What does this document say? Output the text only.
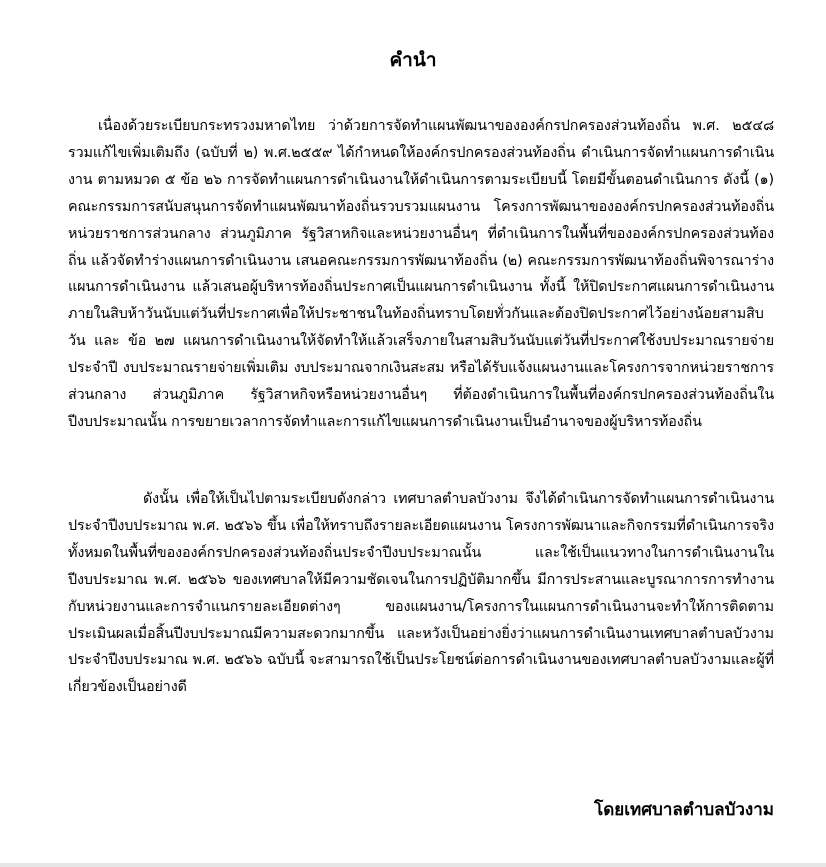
คำนำ
เนื่องด้วยระเบียบกระทรวงมหาดไทย ว่าด้วยการจัดทำแผนพัฒนาขององค์กรปกครองส่วนท้องถิ่น พ.ศ. ๒๕๔๘ รวมแก้ไขเพิ่มเติมถึง (ฉบับที่ ๒) พ.ศ.๒๕๕๙ ได้กำหนดให้องค์กรปกครองส่วนท้องถิ่น ดำเนินการจัดทำแผนการดำเนินงาน ตามหมวด ๕ ข้อ ๒๖ การจัดทำแผนการดำเนินงานให้ดำเนินการตามระเบียบนี้ โดยมีขั้นตอนดำเนินการ ดังนี้ (๑) คณะกรรมการสนับสนุนการจัดทำแผนพัฒนาท้องถิ่นรวบรวมแผนงาน โครงการพัฒนาขององค์กรปกครองส่วนท้องถิ่น หน่วยราชการส่วนกลาง ส่วนภูมิภาค รัฐวิสาหกิจและหน่วยงานอื่นๆ ที่ดำเนินการในพื้นที่ขององค์กรปกครองส่วนท้องถิ่น แล้วจัดทำร่างแผนการดำเนินงาน เสนอคณะกรรมการพัฒนาท้องถิ่น (๒) คณะกรรมการพัฒนาท้องถิ่นพิจารณาร่างแผนการดำเนินงาน แล้วเสนอผู้บริหารท้องถิ่นประกาศเป็นแผนการดำเนินงาน ทั้งนี้ ให้ปิดประกาศแผนการดำเนินงานภายในสิบห้าวันนับแต่วันที่ประกาศเพื่อให้ประชาชนในท้องถิ่นทราบโดยทั่วกันและต้องปิดประกาศไว้อย่างน้อยสามสิบวัน และ ข้อ ๒๗ แผนการดำเนินงานให้จัดทำให้แล้วเสร็จภายในสามสิบวันนับแต่วันที่ประกาศใช้งบประมาณรายจ่ายประจำปี งบประมาณรายจ่ายเพิ่มเติม งบประมาณจากเงินสะสม หรือได้รับแจ้งแผนงานและโครงการจากหน่วยราชการส่วนกลาง ส่วนภูมิภาค รัฐวิสาหกิจหรือหน่วยงานอื่นๆ ที่ต้องดำเนินการในพื้นที่องค์กรปกครองส่วนท้องถิ่นในปีงบประมาณนั้น การขยายเวลาการจัดทำและการแก้ไขแผนการดำเนินงานเป็นอำนาจของผู้บริหารท้องถิ่น
ดังนั้น เพื่อให้เป็นไปตามระเบียบดังกล่าว เทศบาลตำบลบัวงาม จึงได้ดำเนินการจัดทำแผนการดำเนินงาน ประจำปีงบประมาณ พ.ศ. ๒๕๖๖ ขึ้น เพื่อให้ทราบถึงรายละเอียดแผนงาน โครงการพัฒนาและกิจกรรมที่ดำเนินการจริงทั้งหมดในพื้นที่ขององค์กรปกครองส่วนท้องถิ่นประจำปีงบประมาณนั้น และใช้เป็นแนวทางในการดำเนินงานในปีงบประมาณ พ.ศ. ๒๕๖๖ ของเทศบาลให้มีความชัดเจนในการปฏิบัติมากขึ้น มีการประสานและบูรณาการการทำงานกับหน่วยงานและการจำแนกรายละเอียดต่างๆ ของแผนงาน/โครงการในแผนการดำเนินงานจะทำให้การติดตามประเมินผลเมื่อสิ้นปีงบประมาณมีความสะดวกมากขึ้น และหวังเป็นอย่างยิ่งว่าแผนการดำเนินงานเทศบาลตำบลบัวงาม ประจำปีงบประมาณ พ.ศ. ๒๕๖๖ ฉบับนี้ จะสามารถใช้เป็นประโยชน์ต่อการดำเนินงานของเทศบาลตำบลบัวงามและผู้ที่เกี่ยวข้องเป็นอย่างดี
โดยเทศบาลตำบลบัวงาม
